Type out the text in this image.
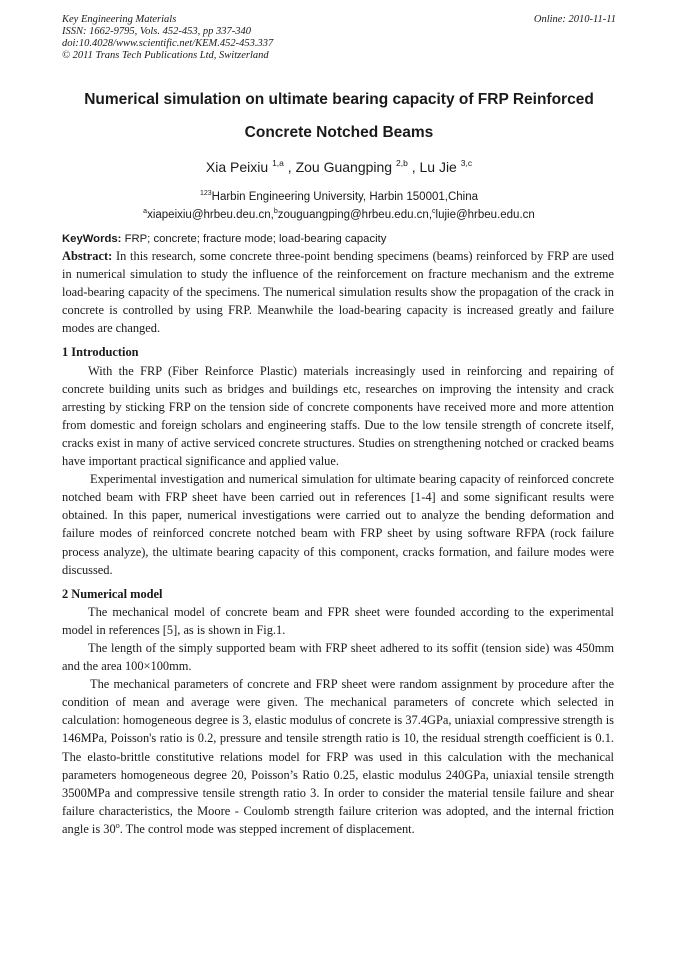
Key Engineering Materials
ISSN: 1662-9795, Vols. 452-453, pp 337-340
doi:10.4028/www.scientific.net/KEM.452-453.337
© 2011 Trans Tech Publications Ltd, Switzerland
Online: 2010-11-11
Numerical simulation on ultimate bearing capacity of FRP Reinforced
Concrete Notched Beams
Xia Peixiu $^{1,a}$ , Zou Guangping $^{2,b}$ , Lu Jie $^{3,c}$
$^{123}$Harbin Engineering University, Harbin 150001,China
$^a$xiapeixiu@hrbeu.deu.cn,$^b$zouguangping@hrbeu.edu.cn,$^c$lujie@hrbeu.edu.cn

KeyWords: FRP; concrete; fracture mode; load-bearing capacity

Abstract: In this research, some concrete three-point bending specimens (beams) reinforced by FRP are used in numerical simulation to study the influence of the reinforcement on fracture mechanism and the extreme load-bearing capacity of the specimens. The numerical simulation results show the propagation of the crack in concrete is controlled by using FRP. Meanwhile the load-bearing capacity is increased greatly and failure modes are changed.

1 Introduction

With the FRP (Fiber Reinforce Plastic) materials increasingly used in reinforcing and repairing of concrete building units such as bridges and buildings etc, researches on improving the intensity and crack arresting by sticking FRP on the tension side of concrete components have received more and more attention from domestic and foreign scholars and engineering staffs. Due to the low tensile strength of concrete itself, cracks exist in many of active serviced concrete structures. Studies on strengthening notched or cracked beams have important practical significance and applied value.

Experimental investigation and numerical simulation for ultimate bearing capacity of reinforced concrete notched beam with FRP sheet have been carried out in references [1-4] and some significant results were obtained. In this paper, numerical investigations were carried out to analyze the bending deformation and failure modes of reinforced concrete notched beam with FRP sheet by using software RFPA (rock failure process analyze), the ultimate bearing capacity of this component, cracks formation, and failure modes were discussed.

2 Numerical model

The mechanical model of concrete beam and FPR sheet were founded according to the experimental model in references [5], as is shown in Fig.1.

The length of the simply supported beam with FRP sheet adhered to its soffit (tension side) was 450mm and the area 100×100mm.

The mechanical parameters of concrete and FRP sheet were random assignment by procedure after the condition of mean and average were given. The mechanical parameters of concrete which selected in calculation: homogeneous degree is 3, elastic modulus of concrete is 37.4GPa, uniaxial compressive strength is 146MPa, Poisson's ratio is 0.2, pressure and tensile strength ratio is 10, the residual strength coefficient is 0.1. The elasto-brittle constitutive relations model for FRP was used in this calculation with the mechanical parameters homogeneous degree 20, Poisson’s Ratio 0.25, elastic modulus 240GPa, uniaxial tensile strength 3500MPa and compressive tensile strength ratio 3. In order to consider the material tensile failure and shear failure characteristics, the Moore - Coulomb strength failure criterion was adopted, and the internal friction angle is 30$^o$. The control mode was stepped increment of displacement.
